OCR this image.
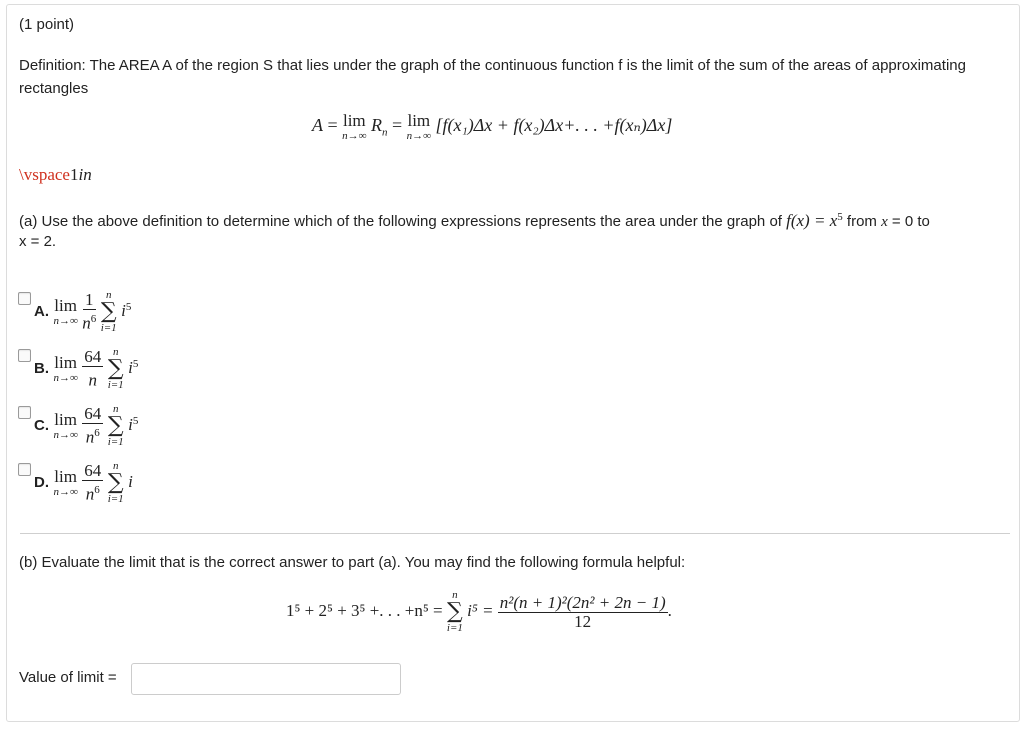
(1 point)
Definition: The AREA A of the region S that lies under the graph of the continuous function f is the limit of the sum of the areas of approximating rectangles
A = lim
n→∞
$R_n = \lim$
n→∞
[f(x₁)Δx + f(x₂)Δx+. . . +f(xₙ)Δx]
\vspace1in
(a) Use the above definition to determine which of the following expressions represents the area under the graph of $f(x) = x^5$ from x = 0 to
x = 2.
A. lim
n→∞
$\frac{1}{n^6}$
n
∑
i=1
$i^5$
B. lim
n→∞
$\frac{64}{n}$
n
∑
i=1
$i^5$
C. lim
n→∞
$\frac{64}{n^6}$
n
∑
i=1
$i^5$
D. lim
n→∞
$\frac{64}{n^6}$
n
∑
i=1
i
(b) Evaluate the limit that is the correct answer to part (a). You may find the following formula helpful:
1⁵ + 2⁵ + 3⁵ +. . . +n⁵ =
n
∑
i=1
$i^5 = \frac{\text{n²(n + 1)²(2n² + 2n − 1)}}{12}$ .
Value of limit =
